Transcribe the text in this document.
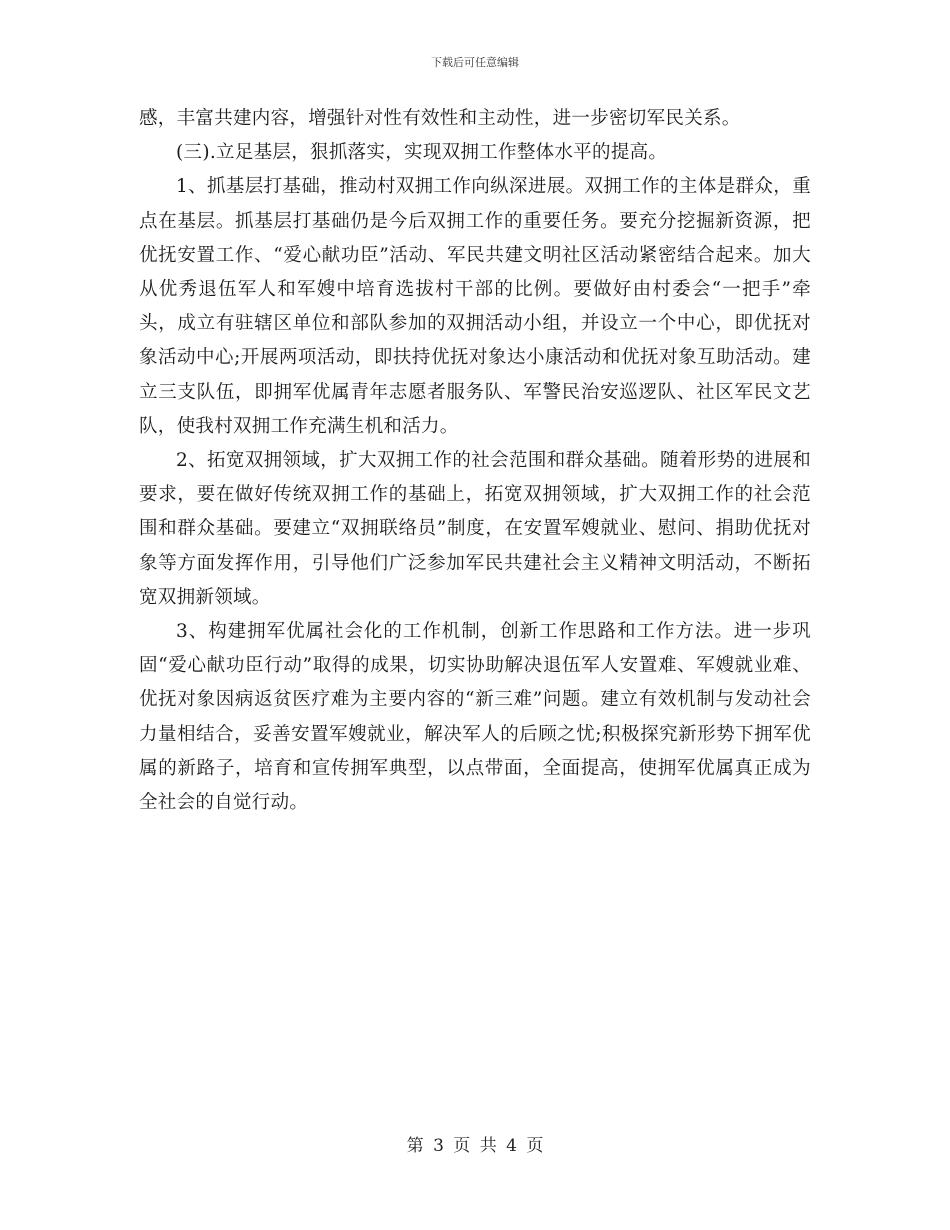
下载后可任意编辑

感，丰富共建内容，增强针对性有效性和主动性，进一步密切军民关系。

(三).立足基层，狠抓落实，实现双拥工作整体水平的提高。

1、抓基层打基础，推动村双拥工作向纵深进展。双拥工作的主体是群众，重点在基层。抓基层打基础仍是今后双拥工作的重要任务。要充分挖掘新资源，把优抚安置工作、“爱心献功臣”活动、军民共建文明社区活动紧密结合起来。加大从优秀退伍军人和军嫂中培育选拔村干部的比例。要做好由村委会“一把手”牵头，成立有驻辖区单位和部队参加的双拥活动小组，并设立一个中心，即优抚对象活动中心;开展两项活动，即扶持优抚对象达小康活动和优抚对象互助活动。建立三支队伍，即拥军优属青年志愿者服务队、军警民治安巡逻队、社区军民文艺队，使我村双拥工作充满生机和活力。

2、拓宽双拥领域，扩大双拥工作的社会范围和群众基础。随着形势的进展和要求，要在做好传统双拥工作的基础上，拓宽双拥领域，扩大双拥工作的社会范围和群众基础。要建立“双拥联络员”制度，在安置军嫂就业、慰问、捐助优抚对象等方面发挥作用，引导他们广泛参加军民共建社会主义精神文明活动，不断拓宽双拥新领域。

3、构建拥军优属社会化的工作机制，创新工作思路和工作方法。进一步巩固“爱心献功臣行动”取得的成果，切实协助解决退伍军人安置难、军嫂就业难、优抚对象因病返贫医疗难为主要内容的“新三难”问题。建立有效机制与发动社会力量相结合，妥善安置军嫂就业，解决军人的后顾之忧;积极探究新形势下拥军优属的新路子，培育和宣传拥军典型，以点带面，全面提高，使拥军优属真正成为全社会的自觉行动。

第 3 页 共 4 页
